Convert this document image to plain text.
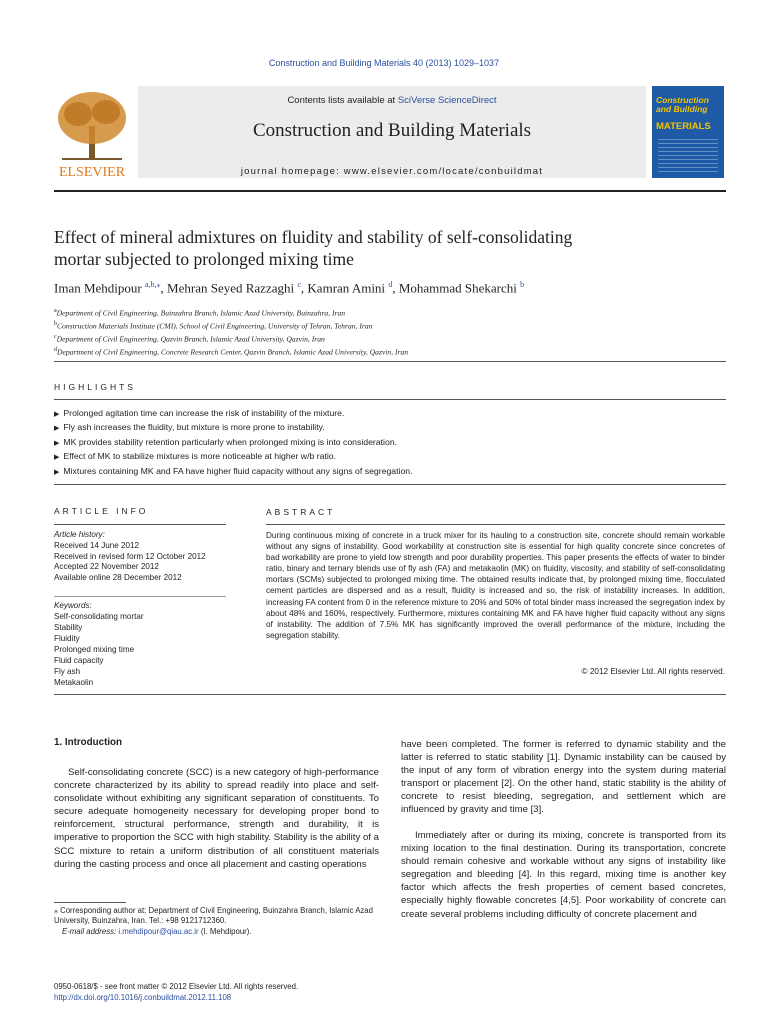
Construction and Building Materials 40 (2013) 1029–1037
ELSEVIER
Contents lists available at SciVerse ScienceDirect
Construction and Building Materials
journal homepage: www.elsevier.com/locate/conbuildmat
Construction
and Building
MATERIALS
Effect of mineral admixtures on fluidity and stability of self-consolidating
mortar subjected to prolonged mixing time
Iman Mehdipour $^{a,b,⁎}$, Mehran Seyed Razzaghi $^c$, Kamran Amini $^d$, Mohammad Shekarchi $^b$
$^a$Department of Civil Engineering, Buinzahra Branch, Islamic Azad University, Buinzahra, Iran
$^b$Construction Materials Institute (CMI), School of Civil Engineering, University of Tehran, Tehran, Iran
$^c$Department of Civil Engineering, Qazvin Branch, Islamic Azad University, Qazvin, Iran
$^d$Department of Civil Engineering, Concrete Research Center, Qazvin Branch, Islamic Azad University, Qazvin, Iran
HIGHLIGHTS
▶ Prolonged agitation time can increase the risk of instability of the mixture.
▶ Fly ash increases the fluidity, but mixture is more prone to instability.
▶ MK provides stability retention particularly when prolonged mixing is into consideration.
▶ Effect of MK to stabilize mixtures is more noticeable at higher w/b ratio.
▶ Mixtures containing MK and FA have higher fluid capacity without any signs of segregation.
ARTICLE INFO	ABSTRACT
Article history:
Received 14 June 2012
Received in revised form 12 October 2012
Accepted 22 November 2012
Available online 28 December 2012
Keywords:
Self-consolidating mortar
Stability
Fluidity
Prolonged mixing time
Fluid capacity
Fly ash
Metakaolin
During continuous mixing of concrete in a truck mixer for its hauling to a construction site, concrete should remain workable without any signs of instability. Good workability at construction site is essential for high quality concrete since concretes of bad workability are prone to yield low strength and poor durability properties. This paper presents the effects of water to binder ratio, binary and ternary blends use of fly ash (FA) and metakaolin (MK) on fluidity, viscosity, and stability of self-consolidating mortars (SCMs) subjected to prolonged mixing time. The obtained results indicate that, by prolonged mixing time, flocculated cement particles are dispersed and as a result, fluidity is increased and so, the risk of instability increases. In addition, increasing FA content from 0 in the reference mixture to 20% and 50% of total binder mass increased the segregation index by about 48% and 160%, respectively. Furthermore, mixtures containing MK and FA have higher fluid capacity without any signs of instability. The addition of 7.5% MK has significantly improved the overall performance of the mixture, including the segregation stability.
© 2012 Elsevier Ltd. All rights reserved.
1. Introduction
Self-consolidating concrete (SCC) is a new category of high-performance concrete characterized by its ability to spread readily into place and self-consolidate without exhibiting any significant separation of constituents. To secure adequate homogeneity necessary for developing proper bond to reinforcement, structural performance, strength and durability, it is imperative to proportion the SCC with high stability. Stability is the ability of a SCC mixture to retain a uniform distribution of all constituent materials during the casting process and once all placement and casting operations
have been completed. The former is referred to dynamic stability and the latter is referred to static stability [1]. Dynamic instability can be caused by the input of any form of vibration energy into the system during material transport or placement [2]. On the other hand, static stability is the ability of concrete to resist bleeding, segregation, and settlement which are influenced by gravity and time [3].
Immediately after or during its mixing, concrete is transported from its mixing location to the final destination. During its transportation, concrete should remain cohesive and workable without any signs of instability like segregation and bleeding [4]. In this regard, mixing time is another key factor which affects the fresh properties of cement based concretes, especially highly flowable concretes [4,5]. Poor workability of concrete can create several problems including difficulty of concrete placement and
⁎ Corresponding author at: Department of Civil Engineering, Buinzahra Branch, Islamic Azad University, Buinzahra, Iran. Tel.: +98 9121712360.
E-mail address: i.mehdipour@qiau.ac.ir (I. Mehdipour).
0950-0618/$ - see front matter © 2012 Elsevier Ltd. All rights reserved.
http://dx.doi.org/10.1016/j.conbuildmat.2012.11.108
